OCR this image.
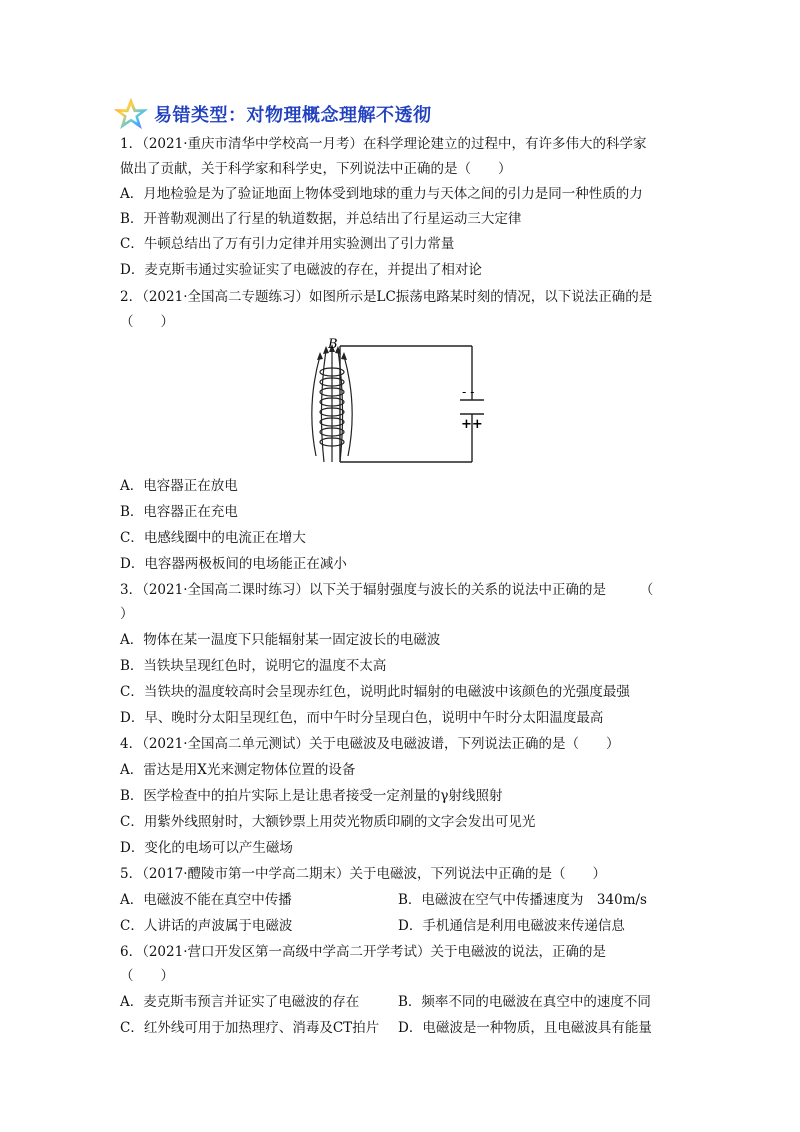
易错类型：对物理概念理解不透彻
1．（2021·重庆市清华中学校高一月考）在科学理论建立的过程中，有许多伟大的科学家
做出了贡献，关于科学家和科学史，下列说法中正确的是（　　）
A．月地检验是为了验证地面上物体受到地球的重力与天体之间的引力是同一种性质的力
B．开普勒观测出了行星的轨道数据，并总结出了行星运动三大定律
C．牛顿总结出了万有引力定律并用实验测出了引力常量
D．麦克斯韦通过实验证实了电磁波的存在，并提出了相对论
2．（2021·全国高二专题练习）如图所示是LC振荡电路某时刻的情况，以下说法正确的是
（　　）
- -
++
B
A．电容器正在放电
B．电容器正在充电
C．电感线圈中的电流正在增大
D．电容器两极板间的电场能正在减小
3．（2021·全国高二课时练习）以下关于辐射强度与波长的关系的说法中正确的是　　　（
）
A．物体在某一温度下只能辐射某一固定波长的电磁波
B．当铁块呈现红色时，说明它的温度不太高
C．当铁块的温度较高时会呈现赤红色，说明此时辐射的电磁波中该颜色的光强度最强
D．早、晚时分太阳呈现红色，而中午时分呈现白色，说明中午时分太阳温度最高
4．（2021·全国高二单元测试）关于电磁波及电磁波谱，下列说法正确的是（　　）
A．雷达是用X光来测定物体位置的设备
B．医学检查中的拍片实际上是让患者接受一定剂量的γ射线照射
C．用紫外线照射时，大额钞票上用荧光物质印刷的文字会发出可见光
D．变化的电场可以产生磁场
5．（2017·醴陵市第一中学高二期末）关于电磁波，下列说法中正确的是（　　）
A．电磁波不能在真空中传播	B．电磁波在空气中传播速度为　340m/s
C．人讲话的声波属于电磁波	D．手机通信是利用电磁波来传递信息
6．（2021·营口开发区第一高级中学高二开学考试）关于电磁波的说法，正确的是
（　　）
A．麦克斯韦预言并证实了电磁波的存在	B．频率不同的电磁波在真空中的速度不同
C．红外线可用于加热理疗、消毒及CT拍片 D．电磁波是一种物质，且电磁波具有能量
